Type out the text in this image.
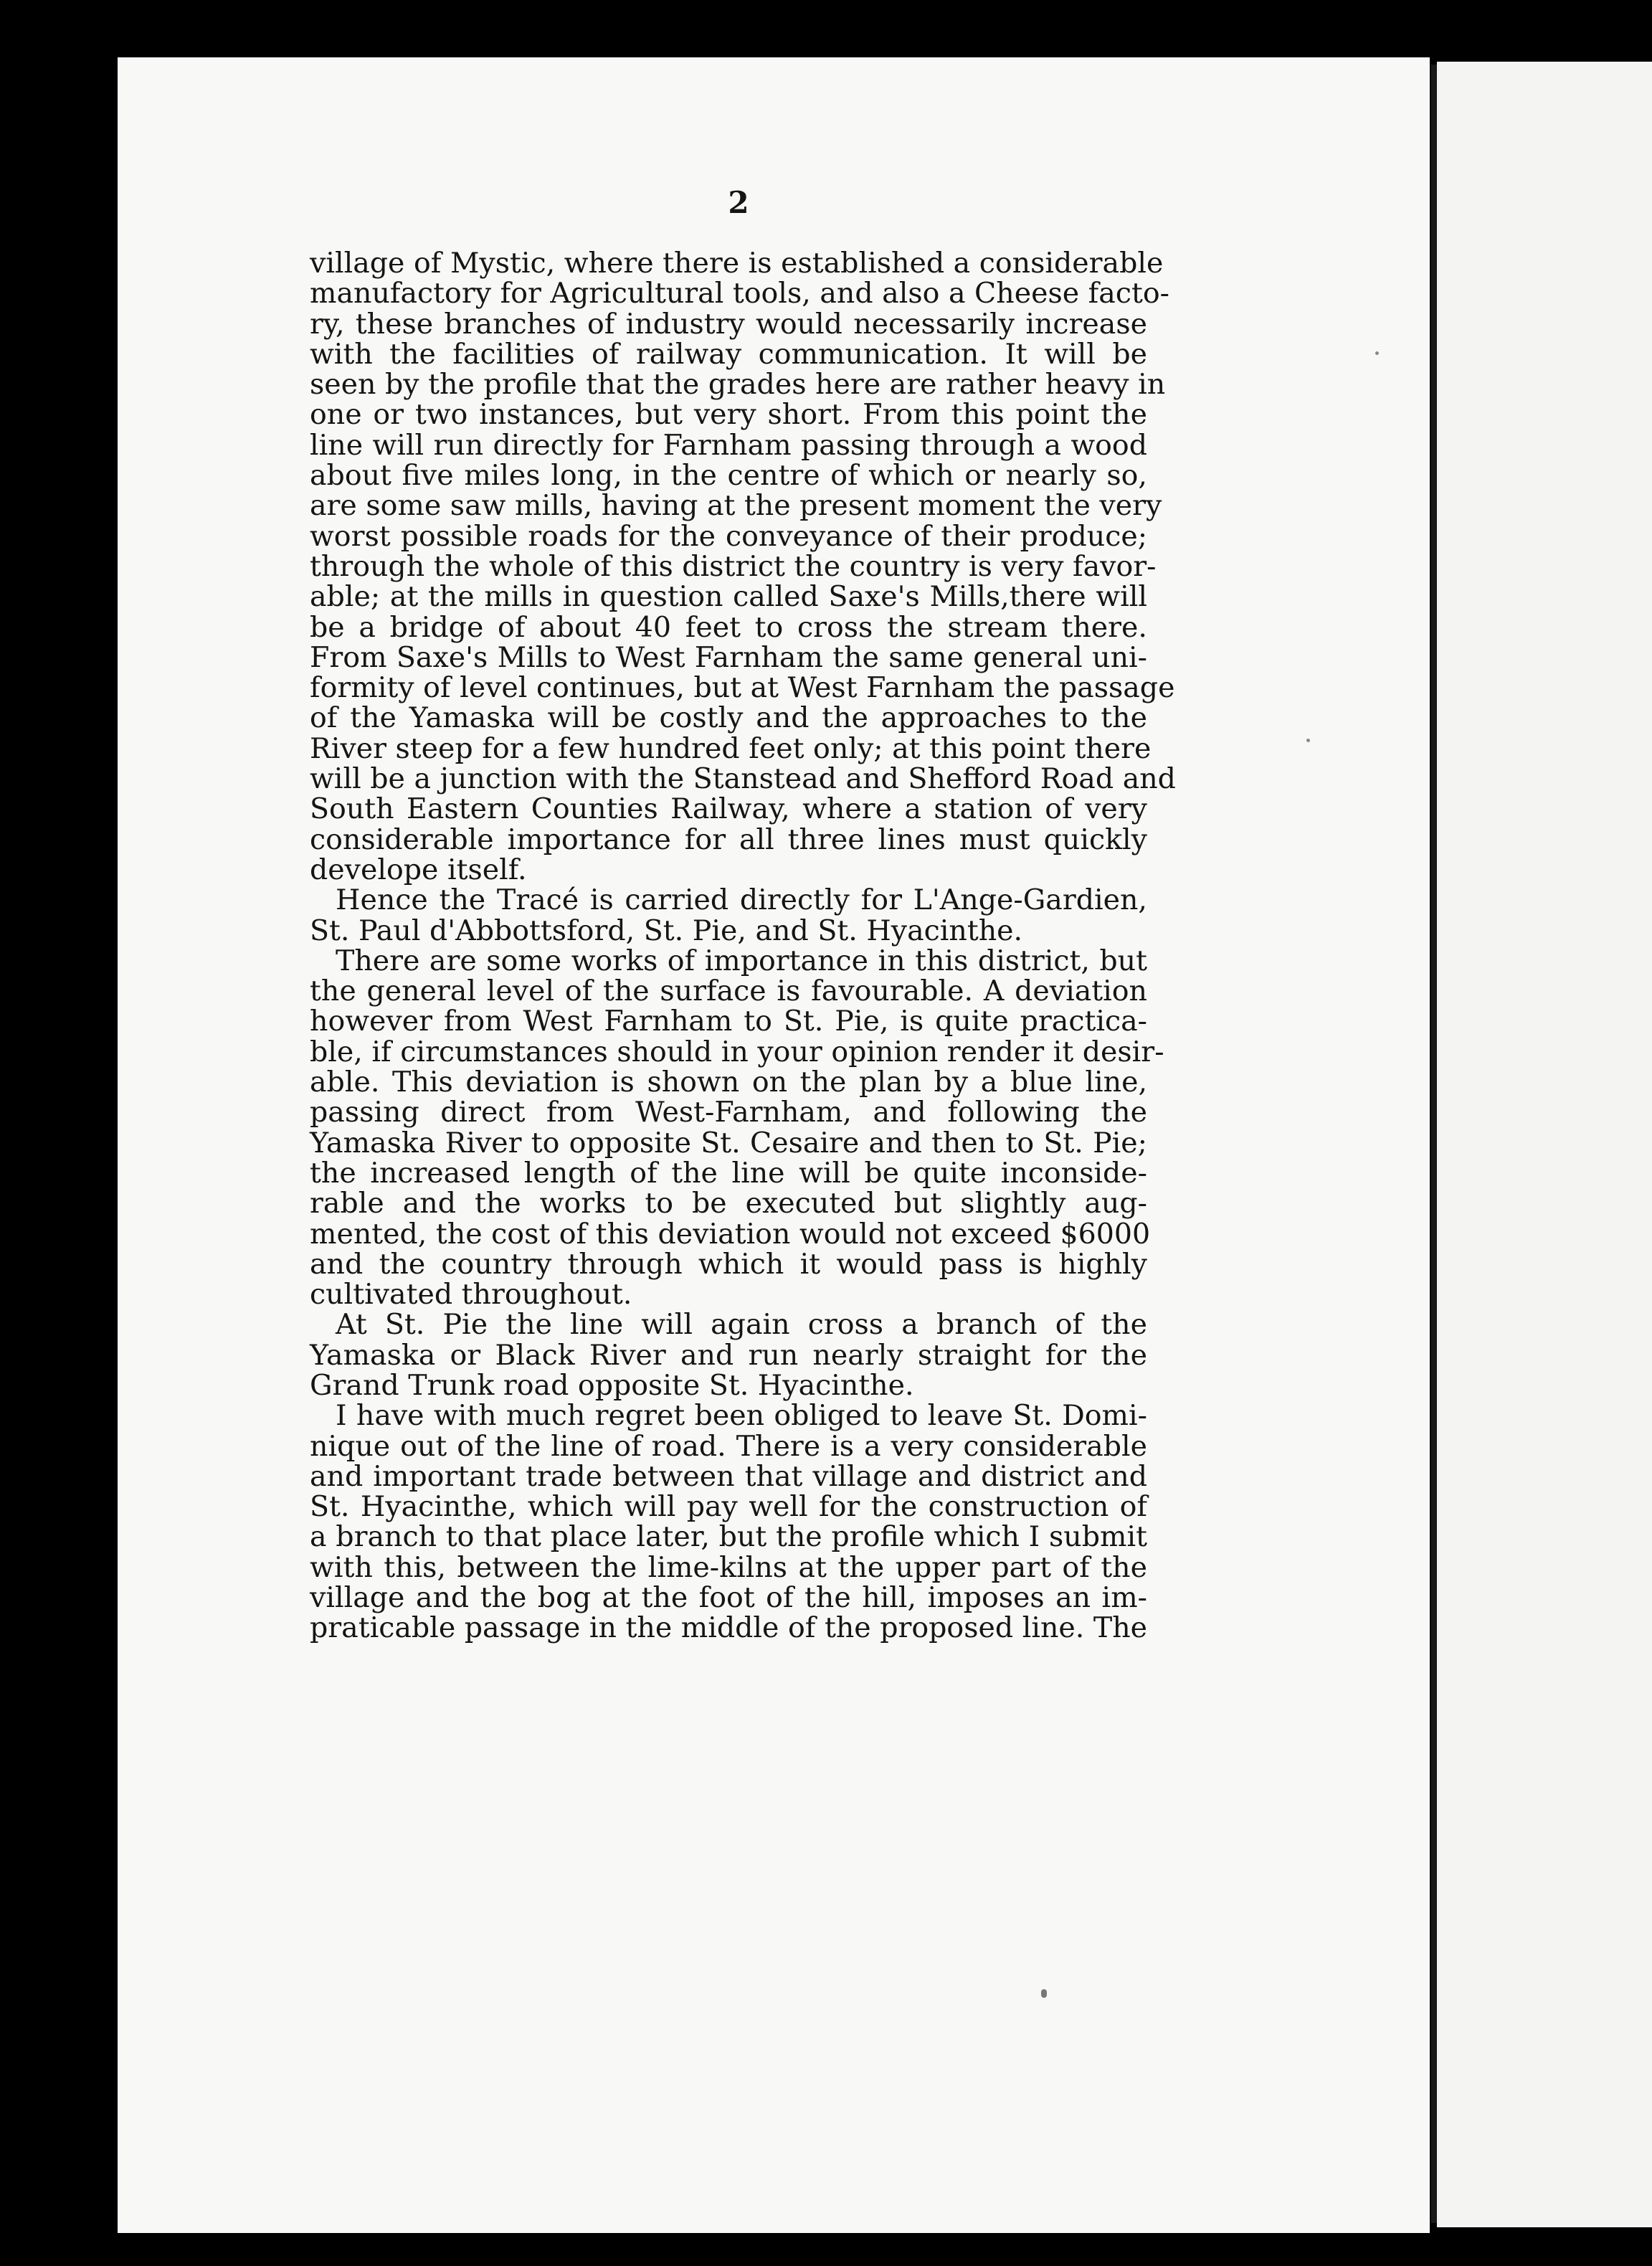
2
village of Mystic, where there is established a considerable
manufactory for Agricultural tools, and also a Cheese facto-
ry, these branches of industry would necessarily increase
with the facilities of railway communication. It will be
seen by the profile that the grades here are rather heavy in
one or two instances, but very short. From this point the
line will run directly for Farnham passing through a wood
about five miles long, in the centre of which or nearly so,
are some saw mills, having at the present moment the very
worst possible roads for the conveyance of their produce;
through the whole of this district the country is very favor-
able; at the mills in question called Saxe's Mills,there will
be a bridge of about 40 feet to cross the stream there.
From Saxe's Mills to West Farnham the same general uni-
formity of level continues, but at West Farnham the passage
of the Yamaska will be costly and the approaches to the
River steep for a few hundred feet only; at this point there
will be a junction with the Stanstead and Shefford Road and
South Eastern Counties Railway, where a station of very
considerable importance for all three lines must quickly
develope itself.
Hence the Tracé is carried directly for L'Ange-Gardien,
St. Paul d'Abbottsford, St. Pie, and St. Hyacinthe.
There are some works of importance in this district, but
the general level of the surface is favourable. A deviation
however from West Farnham to St. Pie, is quite practica-
ble, if circumstances should in your opinion render it desir-
able. This deviation is shown on the plan by a blue line,
passing direct from West-Farnham, and following the
Yamaska River to opposite St. Cesaire and then to St. Pie;
the increased length of the line will be quite inconside-
rable and the works to be executed but slightly aug-
mented, the cost of this deviation would not exceed $6000
and the country through which it would pass is highly
cultivated throughout.
At St. Pie the line will again cross a branch of the
Yamaska or Black River and run nearly straight for the
Grand Trunk road opposite St. Hyacinthe.
I have with much regret been obliged to leave St. Domi-
nique out of the line of road. There is a very considerable
and important trade between that village and district and
St. Hyacinthe, which will pay well for the construction of
a branch to that place later, but the profile which I submit
with this, between the lime-kilns at the upper part of the
village and the bog at the foot of the hill, imposes an im-
praticable passage in the middle of the proposed line. The
